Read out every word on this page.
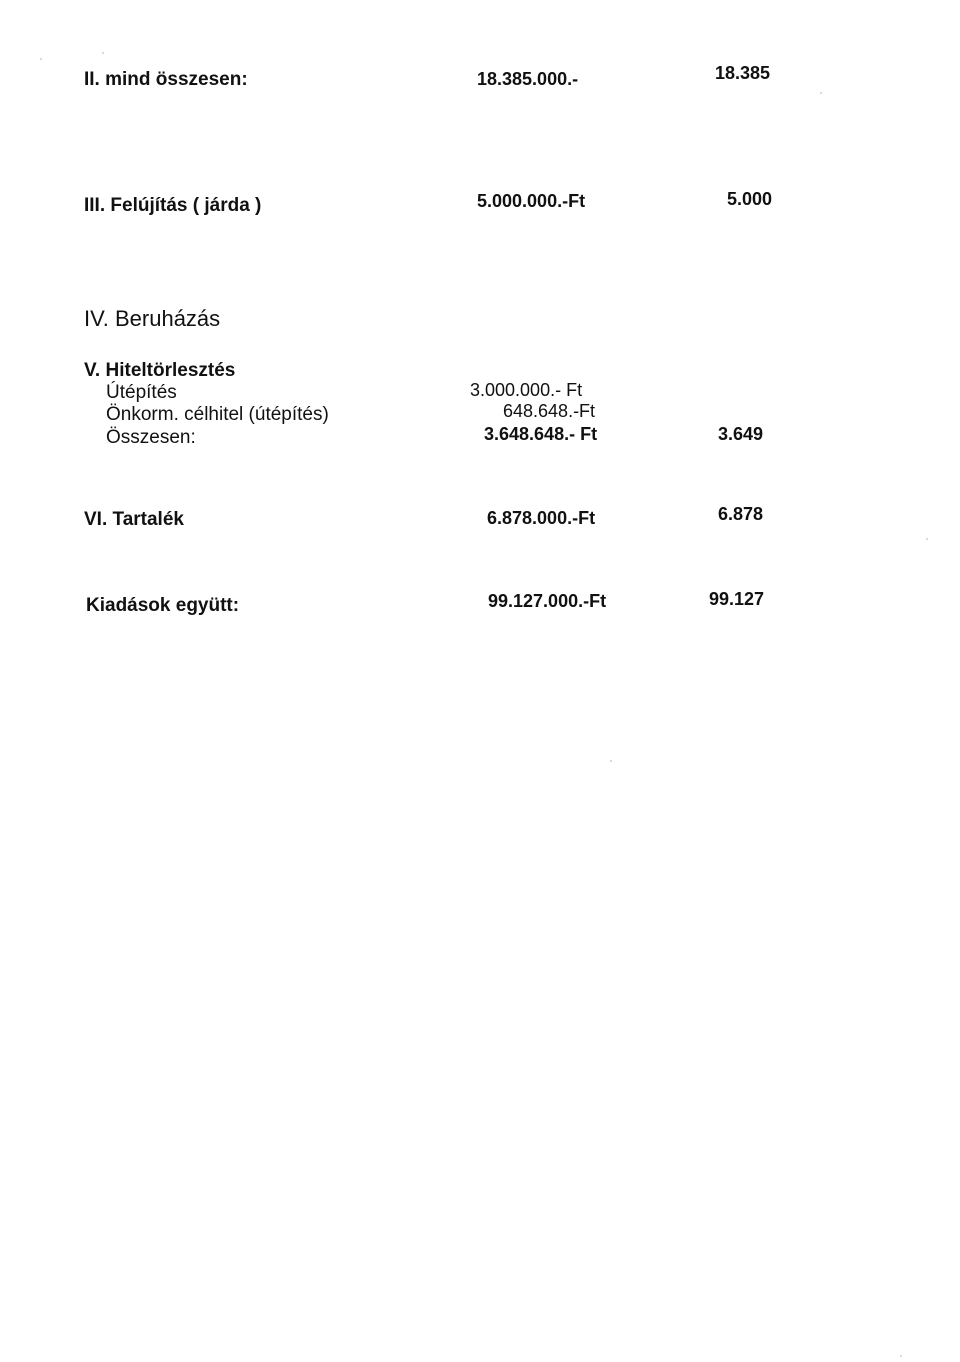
II. mind összesen:	18.385.000.-	18.385
III. Felújítás ( járda )	5.000.000.-Ft	5.000
IV. Beruházás
V. Hiteltörlesztés
Útépítés	3.000.000.- Ft
Önkorm. célhitel (útépítés)	648.648.-Ft
Összesen:	3.648.648.- Ft	3.649
VI. Tartalék	6.878.000.-Ft	6.878
Kiadások együtt:	99.127.000.-Ft	99.127
